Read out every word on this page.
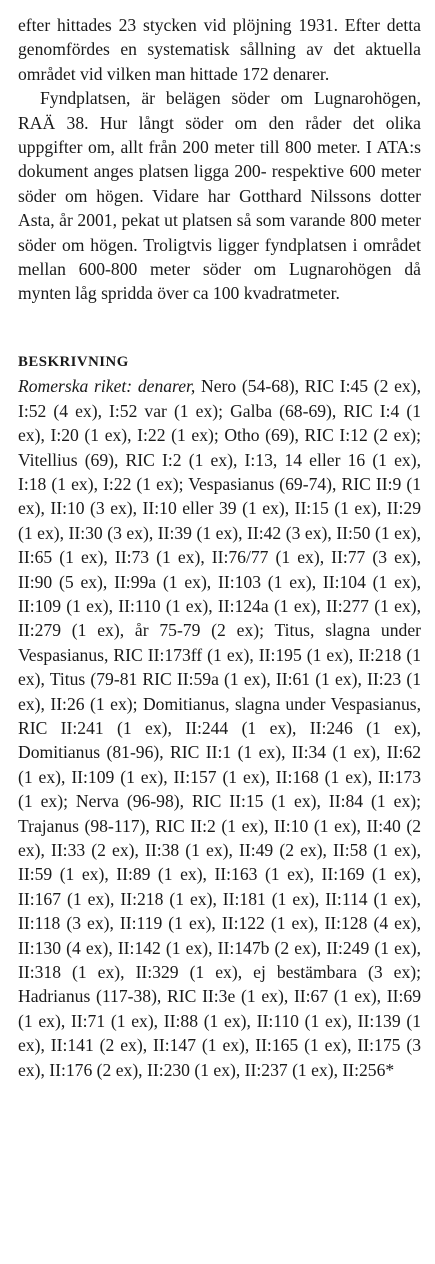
efter hittades 23 stycken vid plöjning 1931. Efter detta genomfördes en systematisk sållning av det aktuella området vid vilken man hittade 172 denarer.

Fyndplatsen, är belägen söder om Lugnarohögen, RAÄ 38. Hur långt söder om den råder det olika uppgifter om, allt från 200 meter till 800 meter. I ATA:s dokument anges platsen ligga 200- respektive 600 meter söder om högen. Vidare har Gotthard Nilssons dotter Asta, år 2001, pekat ut platsen så som varande 800 meter söder om högen. Troligtvis ligger fyndplatsen i området mellan 600-800 meter söder om Lugnarohögen då mynten låg spridda över ca 100 kvadratmeter.

BESKRIVNING

Romerska riket: denarer, Nero (54-68), RIC I:45 (2 ex), I:52 (4 ex), I:52 var (1 ex); Galba (68-69), RIC I:4 (1 ex), I:20 (1 ex), I:22 (1 ex); Otho (69), RIC I:12 (2 ex); Vitellius (69), RIC I:2 (1 ex), I:13, 14 eller 16 (1 ex), I:18 (1 ex), I:22 (1 ex); Vespasianus (69-74), RIC II:9 (1 ex), II:10 (3 ex), II:10 eller 39 (1 ex), II:15 (1 ex), II:29 (1 ex), II:30 (3 ex), II:39 (1 ex), II:42 (3 ex), II:50 (1 ex), II:65 (1 ex), II:73 (1 ex), II:76/77 (1 ex), II:77 (3 ex), II:90 (5 ex), II:99a (1 ex), II:103 (1 ex), II:104 (1 ex), II:109 (1 ex), II:110 (1 ex), II:124a (1 ex), II:277 (1 ex), II:279 (1 ex), år 75-79 (2 ex); Titus, slagna under Vespasianus, RIC II:173ff (1 ex), II:195 (1 ex), II:218 (1 ex), Titus (79-81 RIC II:59a (1 ex), II:61 (1 ex), II:23 (1 ex), II:26 (1 ex); Domitianus, slagna under Vespasianus, RIC II:241 (1 ex), II:244 (1 ex), II:246 (1 ex), Domitianus (81-96), RIC II:1 (1 ex), II:34 (1 ex), II:62 (1 ex), II:109 (1 ex), II:157 (1 ex), II:168 (1 ex), II:173 (1 ex); Nerva (96-98), RIC II:15 (1 ex), II:84 (1 ex); Trajanus (98-117), RIC II:2 (1 ex), II:10 (1 ex), II:40 (2 ex), II:33 (2 ex), II:38 (1 ex), II:49 (2 ex), II:58 (1 ex), II:59 (1 ex), II:89 (1 ex), II:163 (1 ex), II:169 (1 ex), II:167 (1 ex), II:218 (1 ex), II:181 (1 ex), II:114 (1 ex), II:118 (3 ex), II:119 (1 ex), II:122 (1 ex), II:128 (4 ex), II:130 (4 ex), II:142 (1 ex), II:147b (2 ex), II:249 (1 ex), II:318 (1 ex), II:329 (1 ex), ej bestämbara (3 ex); Hadrianus (117-38), RIC II:3e (1 ex), II:67 (1 ex), II:69 (1 ex), II:71 (1 ex), II:88 (1 ex), II:110 (1 ex), II:139 (1 ex), II:141 (2 ex), II:147 (1 ex), II:165 (1 ex), II:175 (3 ex), II:176 (2 ex), II:230 (1 ex), II:237 (1 ex), II:256*
